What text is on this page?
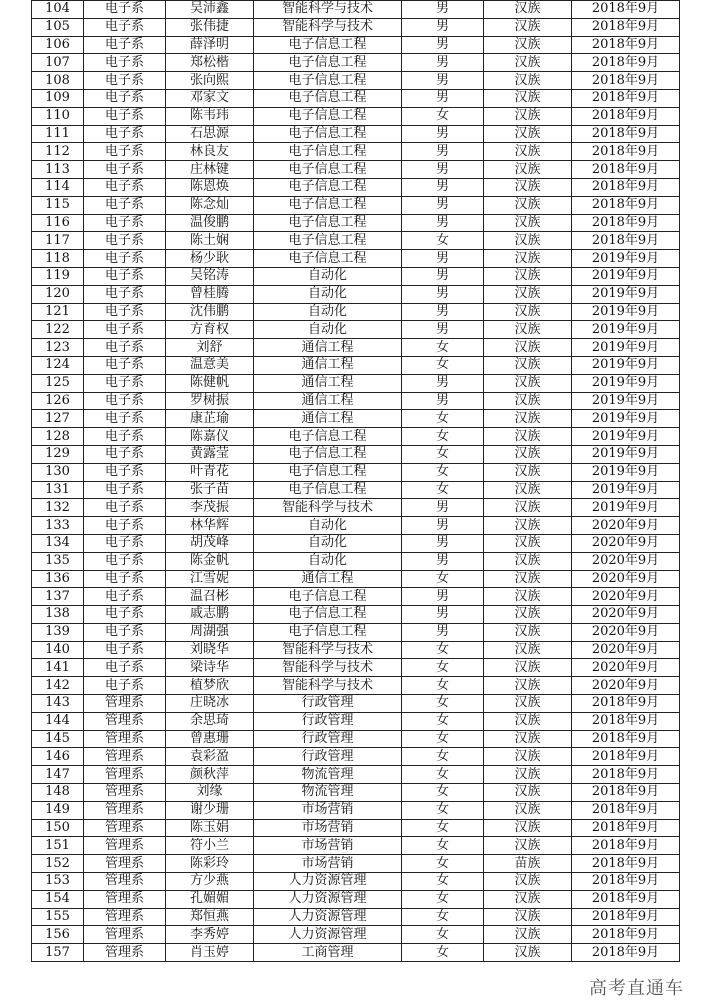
104	电子系	吴沛鑫	智能科学与技术	男	汉族	2018年9月
105	电子系	张伟捷	智能科学与技术	男	汉族	2018年9月
106	电子系	薛泽明	电子信息工程	男	汉族	2018年9月
107	电子系	郑松楷	电子信息工程	男	汉族	2018年9月
108	电子系	张向熙	电子信息工程	男	汉族	2018年9月
109	电子系	邓家文	电子信息工程	男	汉族	2018年9月
110	电子系	陈韦玮	电子信息工程	女	汉族	2018年9月
111	电子系	石思源	电子信息工程	男	汉族	2018年9月
112	电子系	林良友	电子信息工程	男	汉族	2018年9月
113	电子系	庄林键	电子信息工程	男	汉族	2018年9月
114	电子系	陈恩焕	电子信息工程	男	汉族	2018年9月
115	电子系	陈念灿	电子信息工程	男	汉族	2018年9月
116	电子系	温俊鹏	电子信息工程	男	汉族	2018年9月
117	电子系	陈土娴	电子信息工程	女	汉族	2018年9月
118	电子系	杨少耿	电子信息工程	男	汉族	2019年9月
119	电子系	吴铭涛	自动化	男	汉族	2019年9月
120	电子系	曾桂腾	自动化	男	汉族	2019年9月
121	电子系	沈伟鹏	自动化	男	汉族	2019年9月
122	电子系	方育权	自动化	男	汉族	2019年9月
123	电子系	刘舒	通信工程	女	汉族	2019年9月
124	电子系	温意美	通信工程	女	汉族	2019年9月
125	电子系	陈健帆	通信工程	男	汉族	2019年9月
126	电子系	罗树振	通信工程	男	汉族	2019年9月
127	电子系	康芷瑜	通信工程	女	汉族	2019年9月
128	电子系	陈嘉仪	电子信息工程	女	汉族	2019年9月
129	电子系	黄露莹	电子信息工程	女	汉族	2019年9月
130	电子系	叶青花	电子信息工程	女	汉族	2019年9月
131	电子系	张子苗	电子信息工程	女	汉族	2019年9月
132	电子系	李茂振	智能科学与技术	男	汉族	2019年9月
133	电子系	林华辉	自动化	男	汉族	2020年9月
134	电子系	胡茂峰	自动化	男	汉族	2020年9月
135	电子系	陈金帆	自动化	男	汉族	2020年9月
136	电子系	江雪妮	通信工程	女	汉族	2020年9月
137	电子系	温召彬	电子信息工程	男	汉族	2020年9月
138	电子系	戚志鹏	电子信息工程	男	汉族	2020年9月
139	电子系	周湖强	电子信息工程	男	汉族	2020年9月
140	电子系	刘晓华	智能科学与技术	女	汉族	2020年9月
141	电子系	梁诗华	智能科学与技术	女	汉族	2020年9月
142	电子系	植梦欣	智能科学与技术	女	汉族	2020年9月
143	管理系	庄晓冰	行政管理	女	汉族	2018年9月
144	管理系	余思琦	行政管理	女	汉族	2018年9月
145	管理系	曾惠珊	行政管理	女	汉族	2018年9月
146	管理系	袁彩盈	行政管理	女	汉族	2018年9月
147	管理系	颜秋萍	物流管理	女	汉族	2018年9月
148	管理系	刘缘	物流管理	女	汉族	2018年9月
149	管理系	谢少珊	市场营销	女	汉族	2018年9月
150	管理系	陈玉娟	市场营销	女	汉族	2018年9月
151	管理系	符小兰	市场营销	女	汉族	2018年9月
152	管理系	陈彩玲	市场营销	女	苗族	2018年9月
153	管理系	方少燕	人力资源管理	女	汉族	2018年9月
154	管理系	孔媚媚	人力资源管理	女	汉族	2018年9月
155	管理系	郑恒燕	人力资源管理	女	汉族	2018年9月
156	管理系	李秀婷	人力资源管理	女	汉族	2018年9月
157	管理系	肖玉婷	工商管理	女	汉族	2018年9月
高考直通车
